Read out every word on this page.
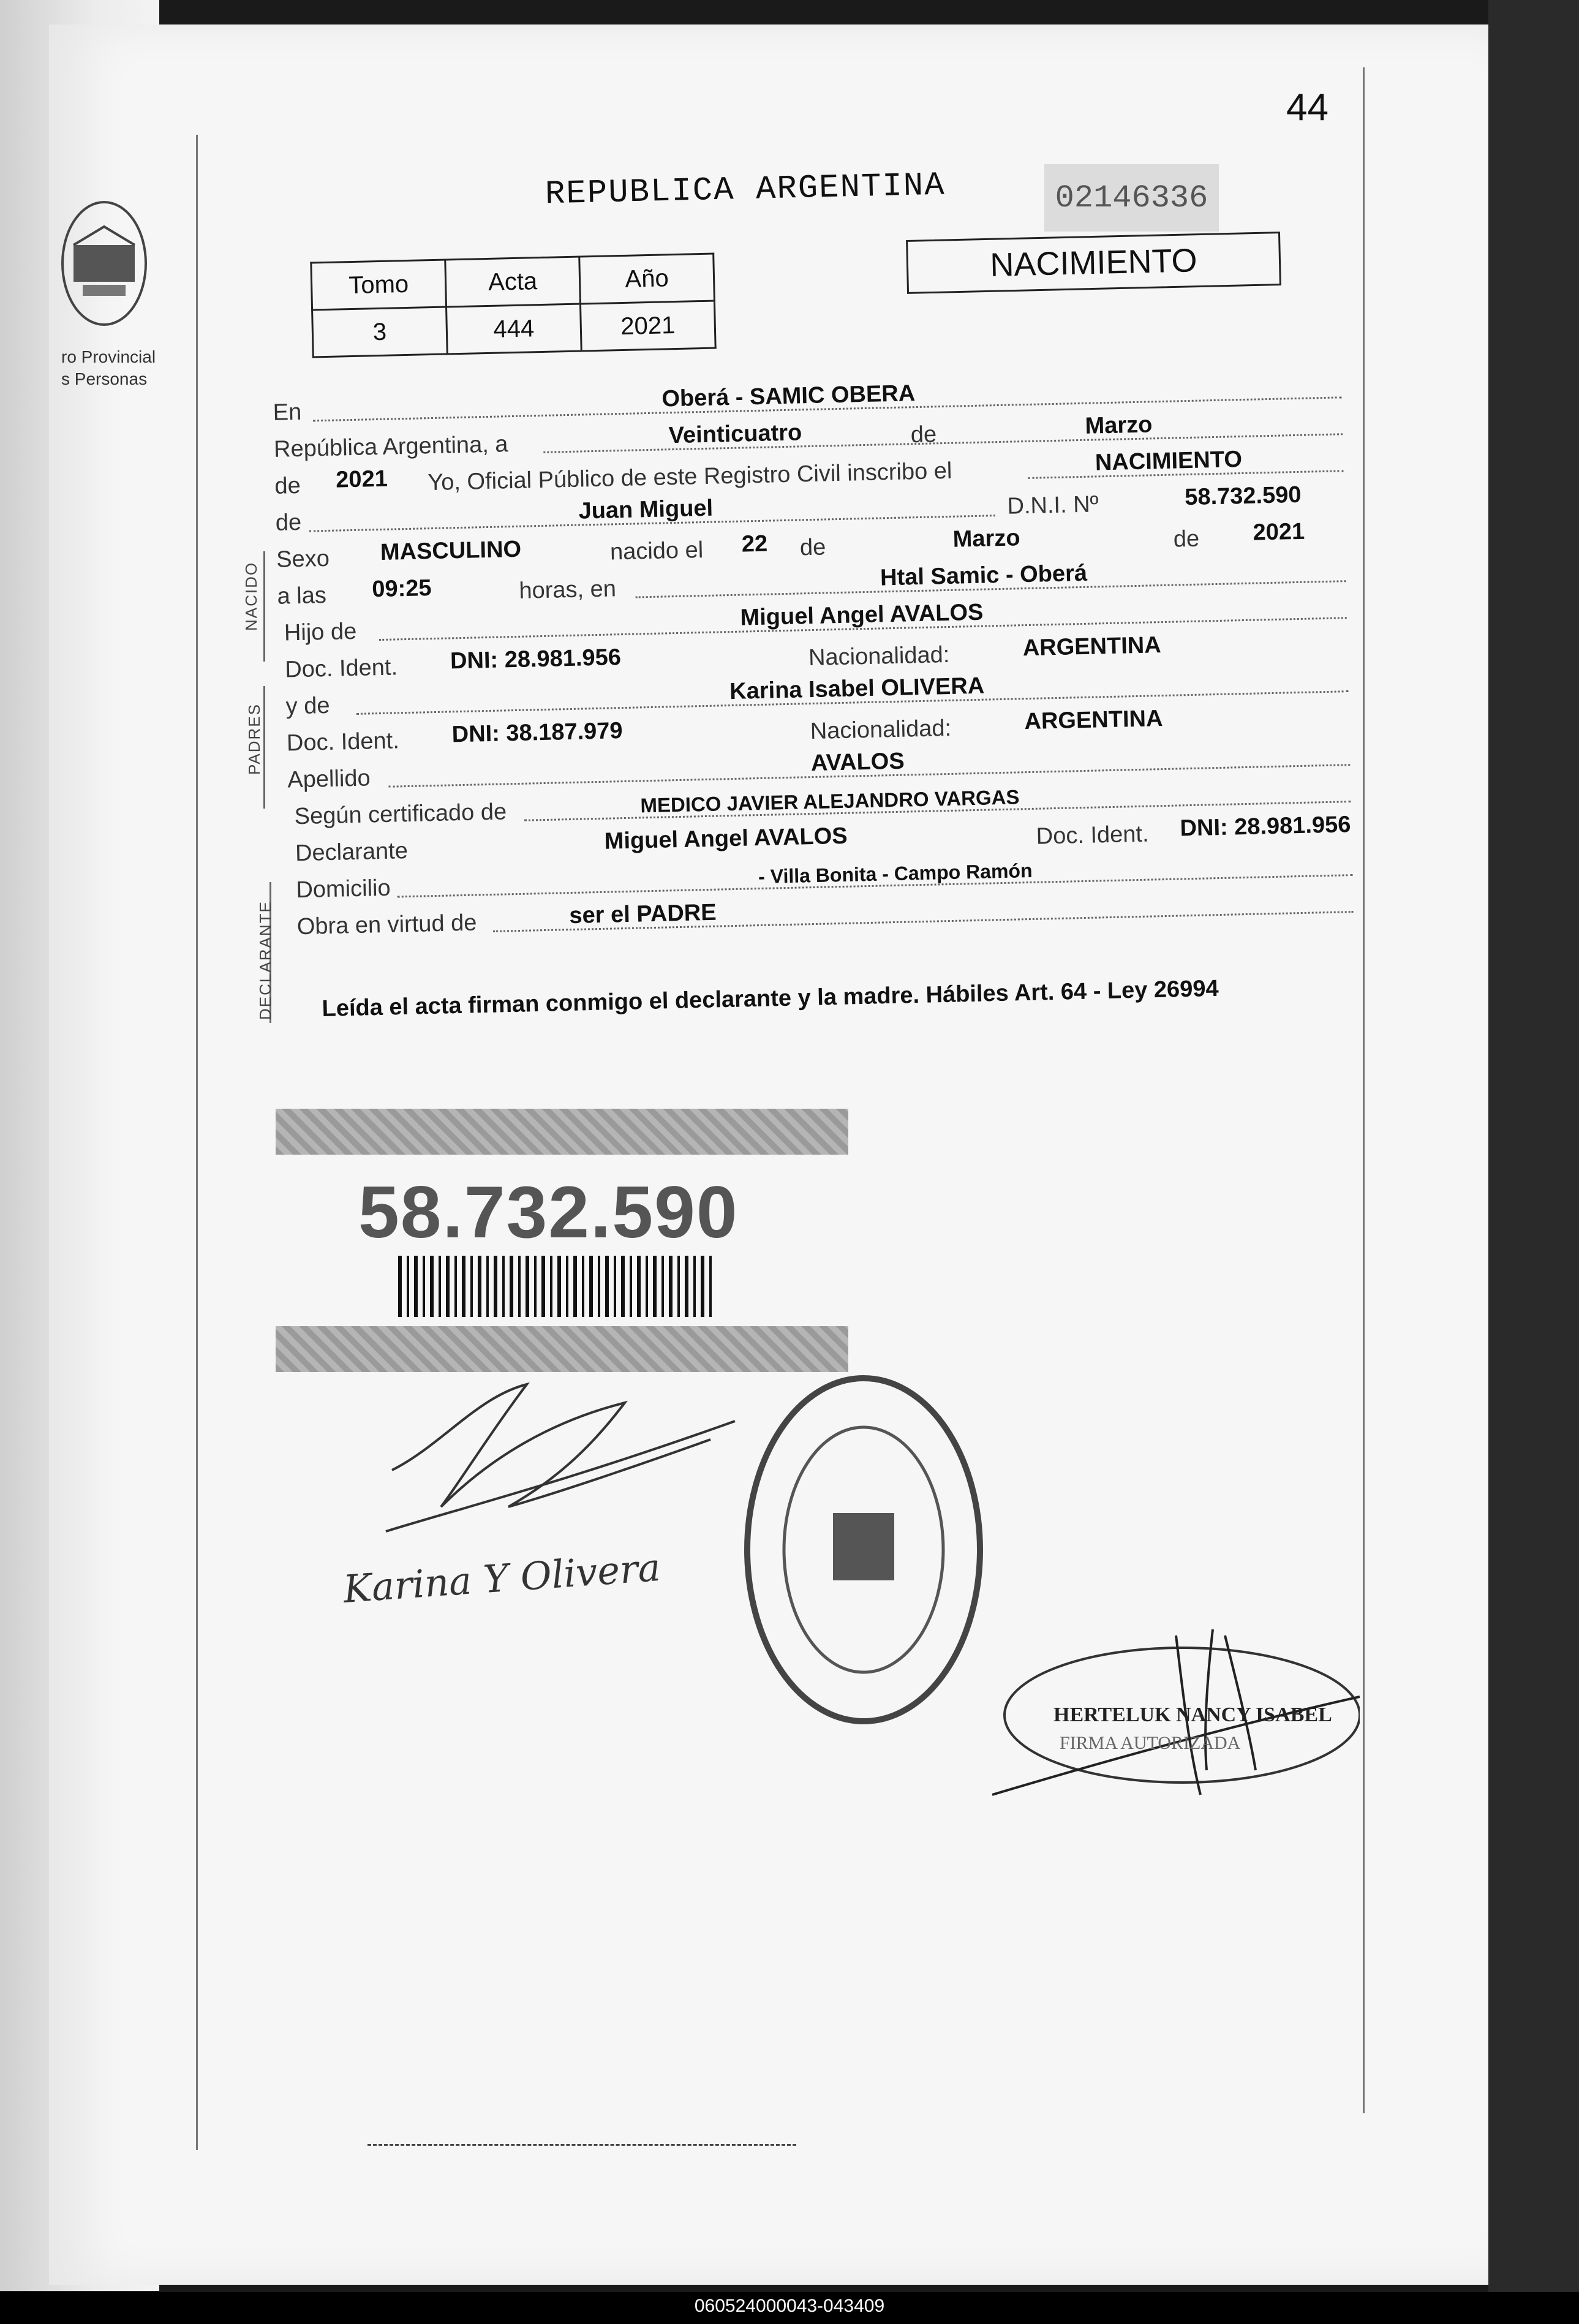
44
ro Provincial
s Personas
REPUBLICA ARGENTINA	02146336
NACIMIENTO
Tomo	Acta	Año
3	444	2021
NACIDO
PADRES
DECLARANTE
En
Oberá - SAMIC OBERA
República Argentina, a	Veinticuatro	de	Marzo
de 2021 Yo, Oficial Público de este Registro Civil inscribo el	NACIMIENTO
de	Juan Miguel	D.N.I. Nº	58.732.590
Sexo MASCULINO	nacido el 22 de	Marzo	de 2021
a las 09:25	horas, en	Htal Samic - Oberá
Hijo de
Miguel Angel AVALOS
Doc. Ident. DNI: 28.981.956	Nacionalidad:	ARGENTINA
y de
Karina Isabel OLIVERA
Doc. Ident. DNI: 38.187.979	Nacionalidad:	ARGENTINA
Apellido
AVALOS
Según certificado de	MEDICO JAVIER ALEJANDRO VARGAS
Declarante	Miguel Angel AVALOS	Doc. Ident. DNI: 28.981.956
Domicilio
- Villa Bonita - Campo Ramón
Obra en virtud de	ser el PADRE
Leída el acta firman conmigo el declarante y la madre. Hábiles Art. 64 - Ley 26994
58.732.590
Karina Y Olivera
HERTELUK NANCY ISABEL
FIRMA AUTORIZADA
060524000043-043409
